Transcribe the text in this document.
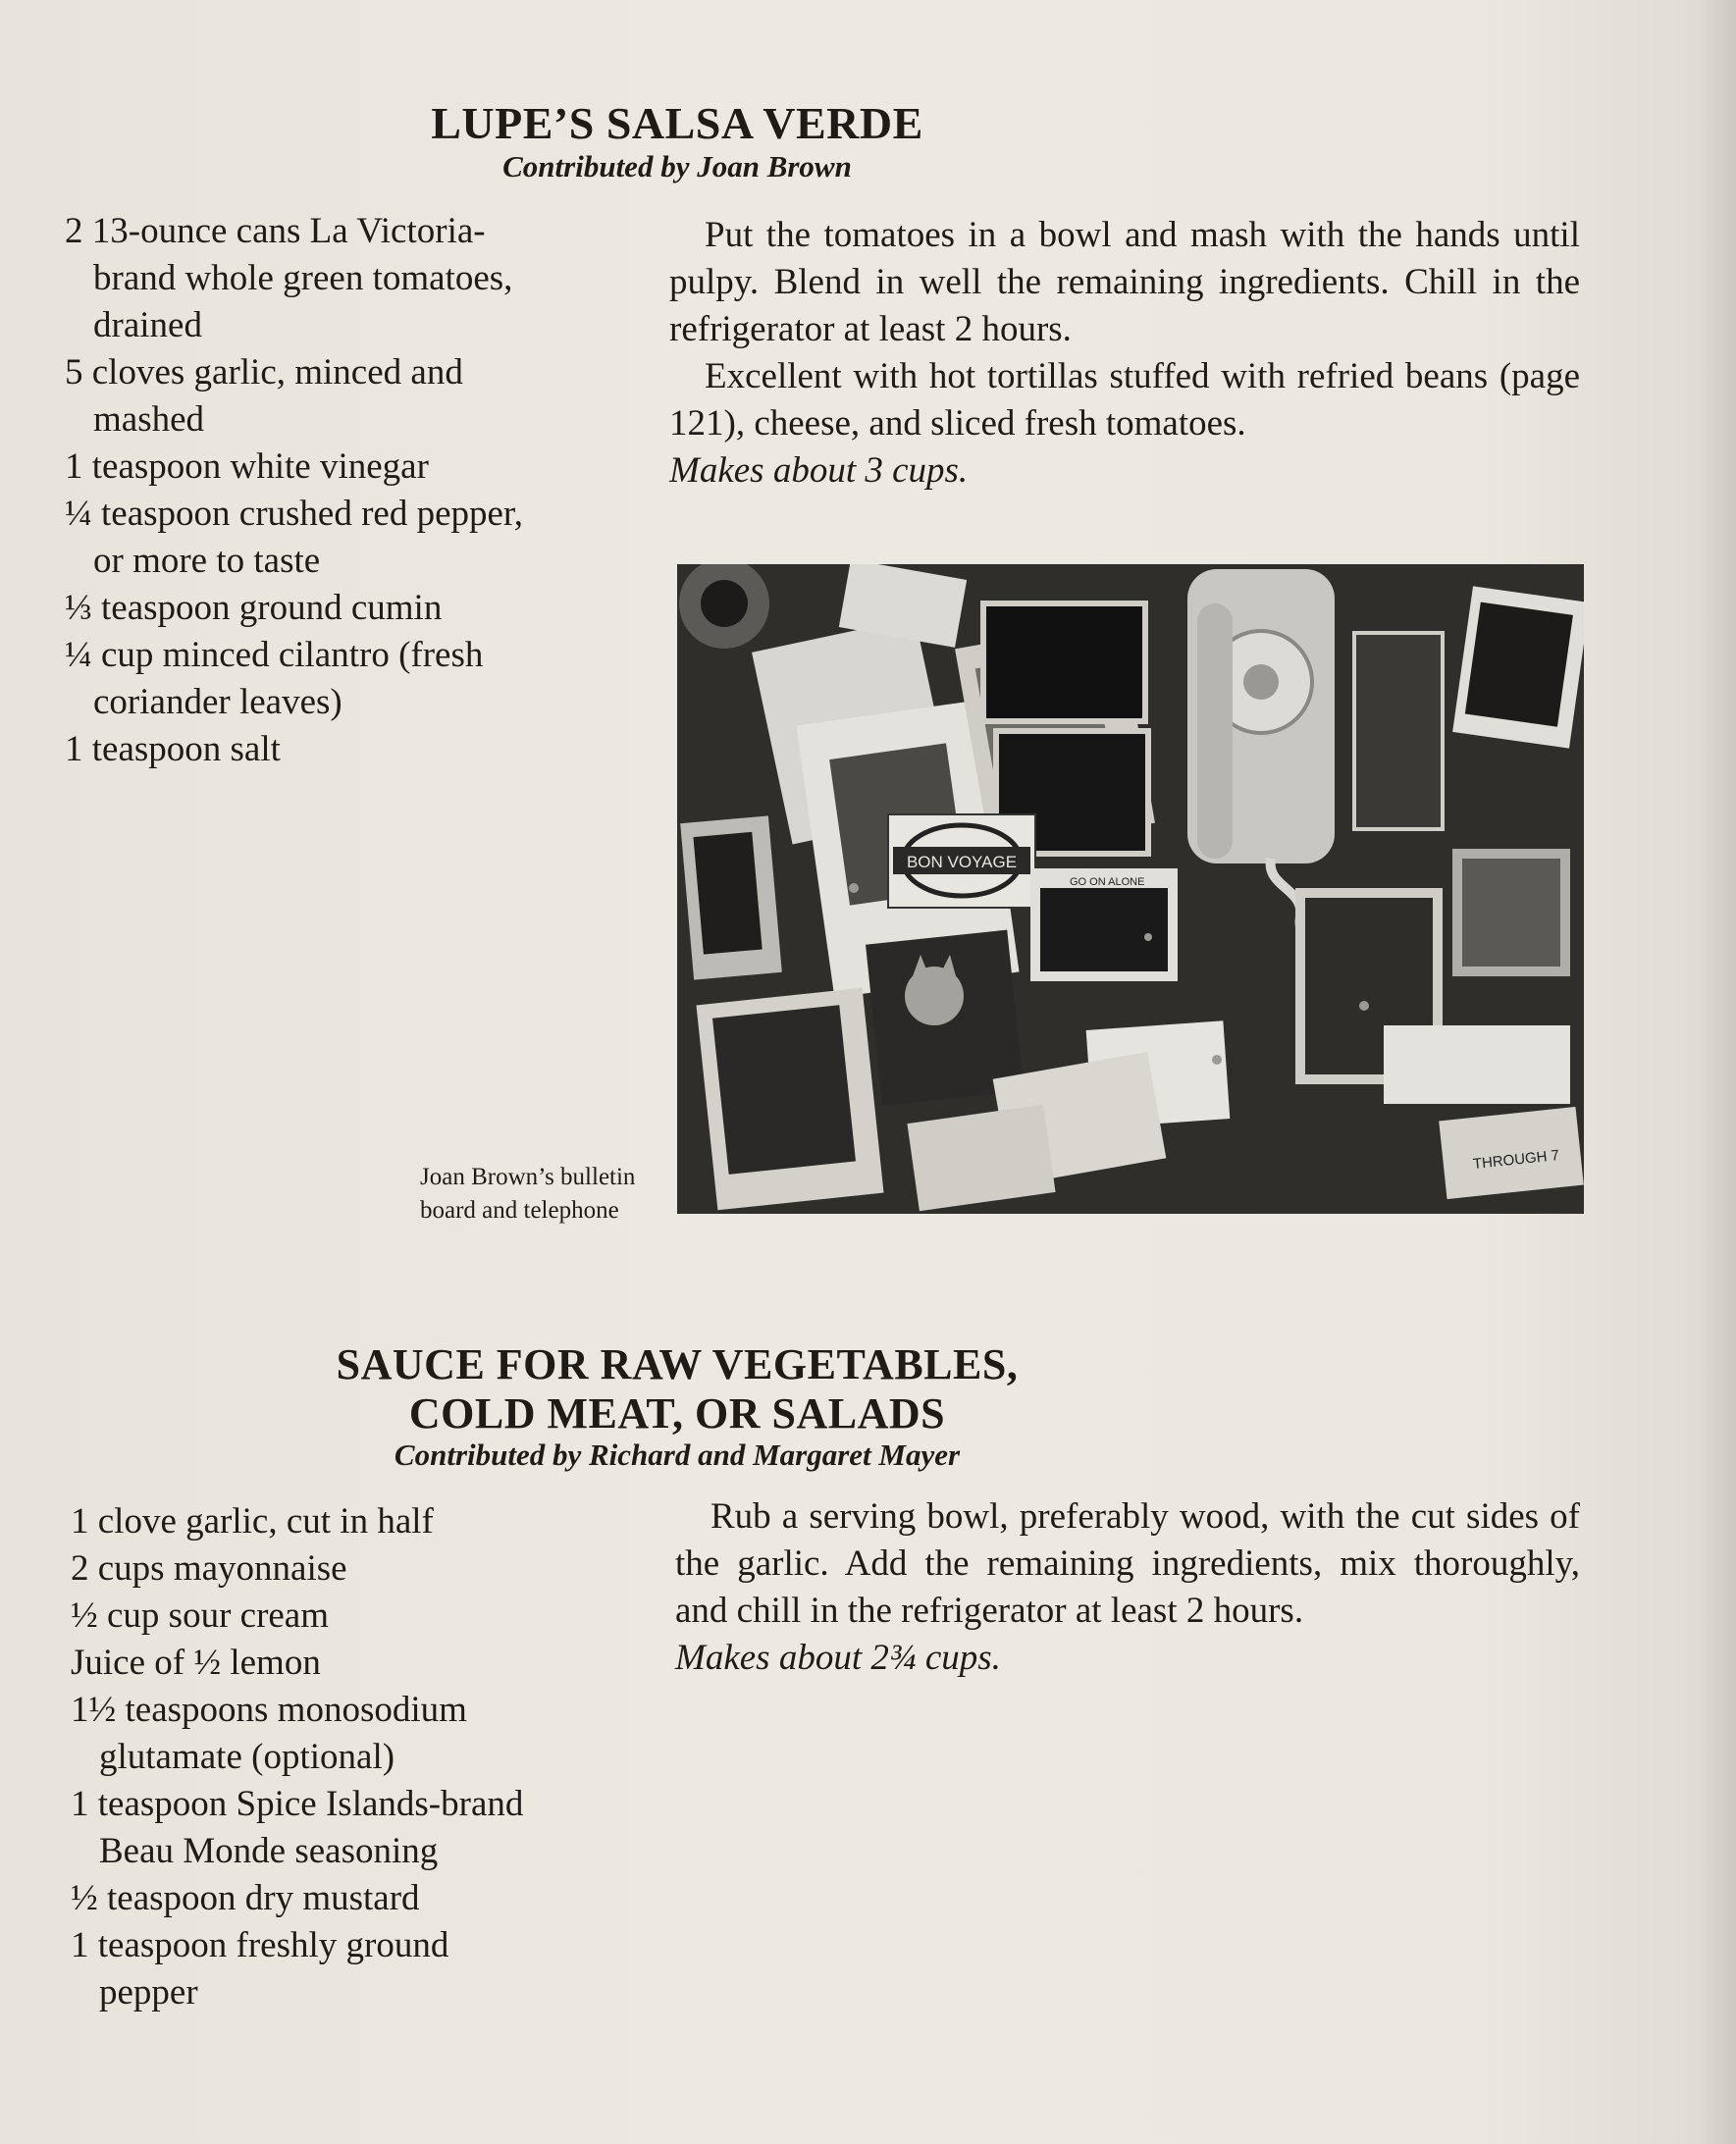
LUPE’S SALSA VERDE

Contributed by Joan Brown

2 13-ounce cans La Victoria-brand whole green tomatoes, drained
5 cloves garlic, minced and mashed
1 teaspoon white vinegar
¼ teaspoon crushed red pepper, or more to taste
⅓ teaspoon ground cumin
¼ cup minced cilantro (fresh coriander leaves)
1 teaspoon salt

Put the tomatoes in a bowl and mash with the hands until pulpy. Blend in well the remaining ingredients. Chill in the refrigerator at least 2 hours.

Excellent with hot tortillas stuffed with refried beans (page 121), cheese, and sliced fresh tomatoes.

Makes about 3 cups.

Joan Brown’s bulletin
board and telephone

BON VOYAGE
GO ON ALONE
THROUGH 7
SAUCE FOR RAW VEGETABLES,
COLD MEAT, OR SALADS

Contributed by Richard and Margaret Mayer

1 clove garlic, cut in half
2 cups mayonnaise
½ cup sour cream
Juice of ½ lemon
1½ teaspoons monosodium glutamate (optional)
1 teaspoon Spice Islands-brand Beau Monde seasoning
½ teaspoon dry mustard
1 teaspoon freshly ground pepper

Rub a serving bowl, preferably wood, with the cut sides of the garlic. Add the remaining ingredients, mix thoroughly, and chill in the refrigerator at least 2 hours.

Makes about 2¾ cups.
